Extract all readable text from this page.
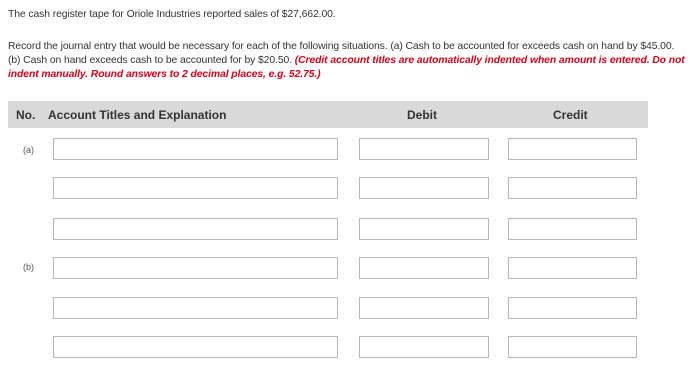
The cash register tape for Oriole Industries reported sales of $27,662.00.
Record the journal entry that would be necessary for each of the following situations. (a) Cash to be accounted for exceeds cash on hand by $45.00. (b) Cash on hand exceeds cash to be accounted for by $20.50. (Credit account titles are automatically indented when amount is entered. Do not indent manually. Round answers to 2 decimal places, e.g. 52.75.)
No. Account Titles and Explanation	Debit	Credit
(a)
(b)
